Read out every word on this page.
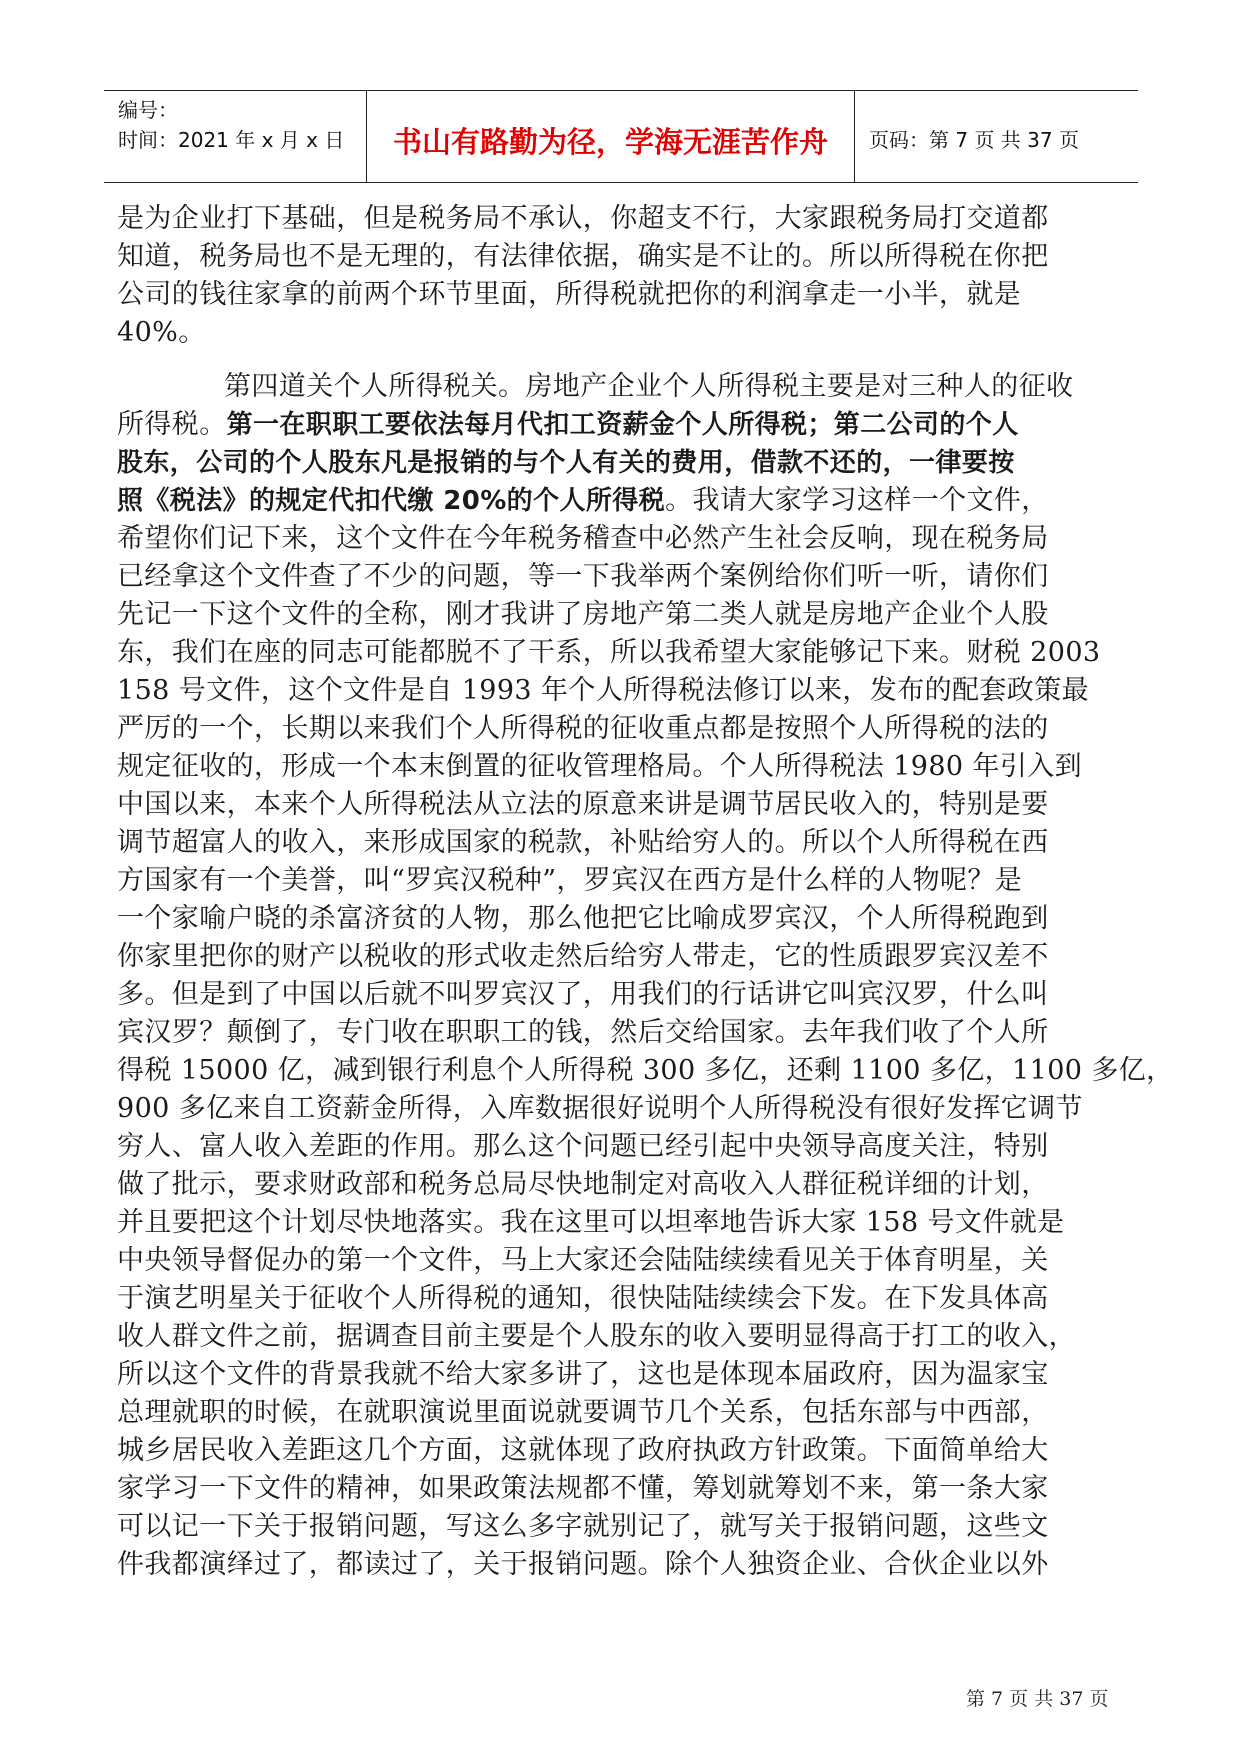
编号：
时间：2021 年 x 月 x 日	书山有路勤为径，学海无涯苦作舟	页码：第 7 页 共 37 页
是为企业打下基础，但是税务局不承认，你超支不行，大家跟税务局打交道都
知道，税务局也不是无理的，有法律依据，确实是不让的。所以所得税在你把
公司的钱往家拿的前两个环节里面，所得税就把你的利润拿走一小半，就是
40%。
第四道关个人所得税关。房地产企业个人所得税主要是对三种人的征收
所得税。第一在职职工要依法每月代扣工资薪金个人所得税；第二公司的个人
股东，公司的个人股东凡是报销的与个人有关的费用，借款不还的，一律要按
照《税法》的规定代扣代缴 20%的个人所得税。我请大家学习这样一个文件，
希望你们记下来，这个文件在今年税务稽查中必然产生社会反响，现在税务局
已经拿这个文件查了不少的问题，等一下我举两个案例给你们听一听，请你们
先记一下这个文件的全称，刚才我讲了房地产第二类人就是房地产企业个人股
东，我们在座的同志可能都脱不了干系，所以我希望大家能够记下来。财税 2003
158 号文件，这个文件是自 1993 年个人所得税法修订以来，发布的配套政策最
严厉的一个，长期以来我们个人所得税的征收重点都是按照个人所得税的法的
规定征收的，形成一个本末倒置的征收管理格局。个人所得税法 1980 年引入到
中国以来，本来个人所得税法从立法的原意来讲是调节居民收入的，特别是要
调节超富人的收入，来形成国家的税款，补贴给穷人的。所以个人所得税在西
方国家有一个美誉，叫“罗宾汉税种”，罗宾汉在西方是什么样的人物呢？是
一个家喻户晓的杀富济贫的人物，那么他把它比喻成罗宾汉，个人所得税跑到
你家里把你的财产以税收的形式收走然后给穷人带走，它的性质跟罗宾汉差不
多。但是到了中国以后就不叫罗宾汉了，用我们的行话讲它叫宾汉罗，什么叫
宾汉罗？颠倒了，专门收在职职工的钱，然后交给国家。去年我们收了个人所
得税 15000 亿，减到银行利息个人所得税 300 多亿，还剩 1100 多亿，1100 多亿，
900 多亿来自工资薪金所得，入库数据很好说明个人所得税没有很好发挥它调节
穷人、富人收入差距的作用。那么这个问题已经引起中央领导高度关注，特别
做了批示，要求财政部和税务总局尽快地制定对高收入人群征税详细的计划，
并且要把这个计划尽快地落实。我在这里可以坦率地告诉大家 158 号文件就是
中央领导督促办的第一个文件，马上大家还会陆陆续续看见关于体育明星，关
于演艺明星关于征收个人所得税的通知，很快陆陆续续会下发。在下发具体高
收人群文件之前，据调查目前主要是个人股东的收入要明显得高于打工的收入，
所以这个文件的背景我就不给大家多讲了，这也是体现本届政府，因为温家宝
总理就职的时候，在就职演说里面说就要调节几个关系，包括东部与中西部，
城乡居民收入差距这几个方面，这就体现了政府执政方针政策。下面简单给大
家学习一下文件的精神，如果政策法规都不懂，筹划就筹划不来，第一条大家
可以记一下关于报销问题，写这么多字就别记了，就写关于报销问题，这些文
件我都演绎过了，都读过了，关于报销问题。除个人独资企业、合伙企业以外
第 7 页 共 37 页
